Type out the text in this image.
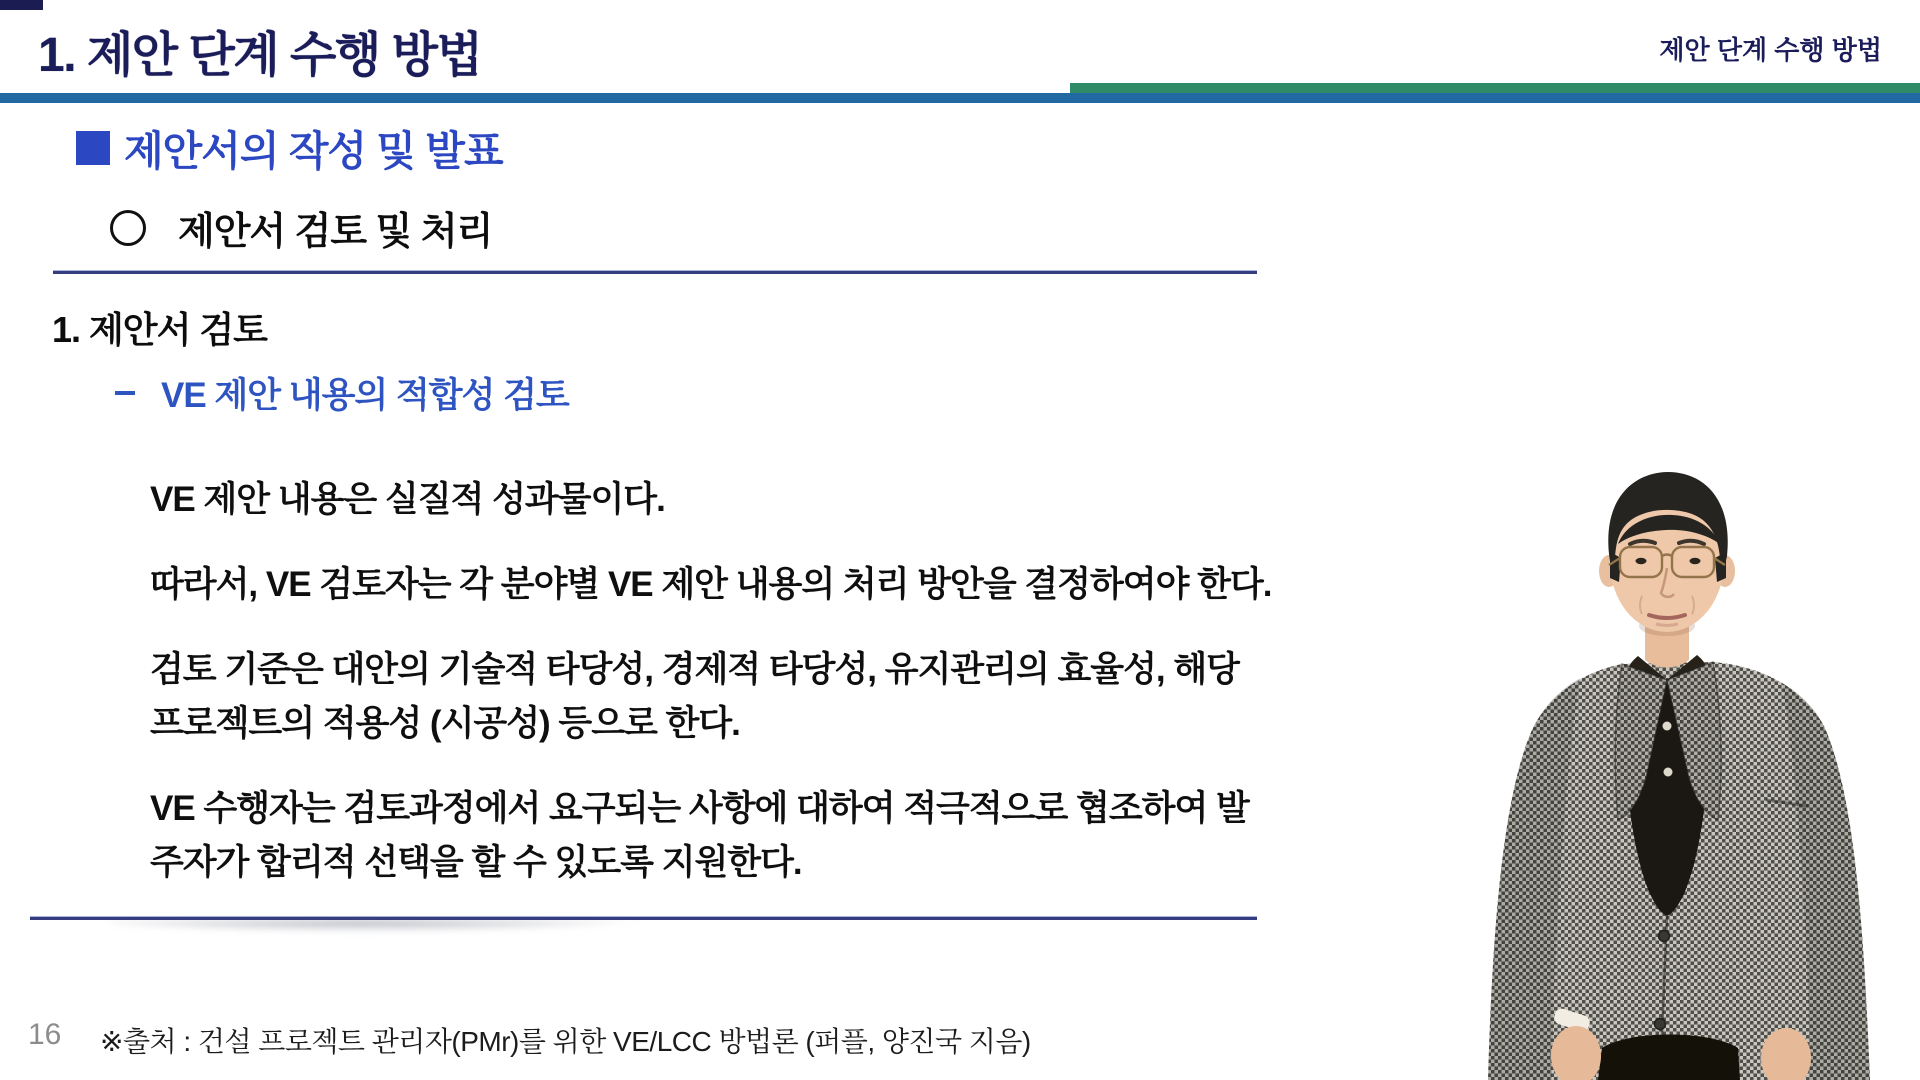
1. 제안 단계 수행 방법	제안 단계 수행 방법
제안서의 작성 및 발표
제안서 검토 및 처리
1. 제안서 검토
VE 제안 내용의 적합성 검토
VE 제안 내용은 실질적 성과물이다.
따라서, VE 검토자는 각 분야별 VE 제안 내용의 처리 방안을 결정하여야 한다.
검토 기준은 대안의 기술적 타당성, 경제적 타당성, 유지관리의 효율성, 해당
프로젝트의 적용성 (시공성) 등으로 한다.
VE 수행자는 검토과정에서 요구되는 사항에 대하여 적극적으로 협조하여 발
주자가 합리적 선택을 할 수 있도록 지원한다.
16 ※출처 : 건설 프로젝트 관리자(PMr)를 위한 VE/LCC 방법론 (퍼플, 양진국 지음)
